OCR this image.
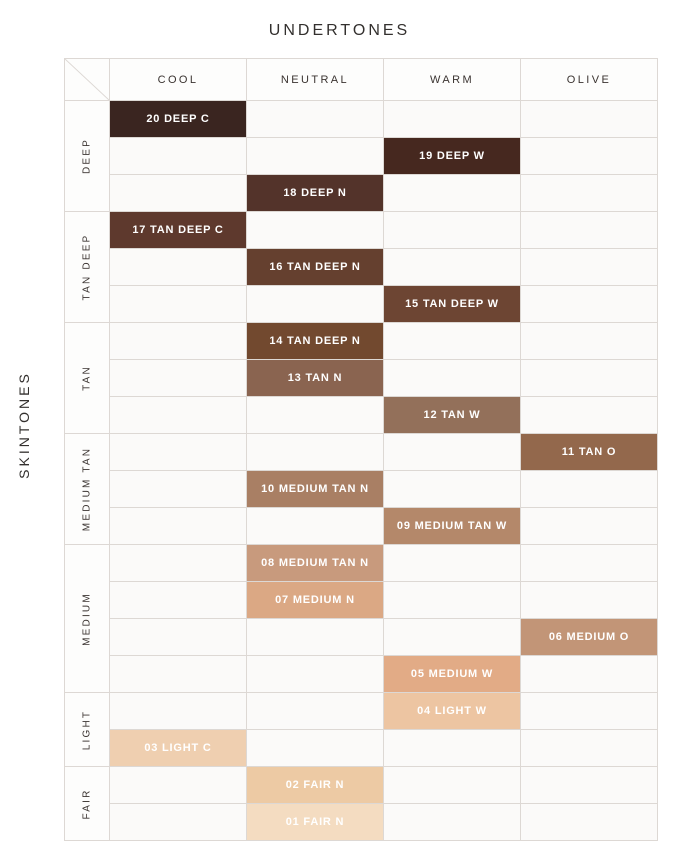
UNDERTONES
SKINTONES
	COOL	NEUTRAL	WARM	OLIVE

DEEP	20 DEEP C			
			19 DEEP W	
		18 DEEP N		

TAN DEEP	17 TAN DEEP C			
		16 TAN DEEP N		
			15 TAN DEEP W	

TAN		14 TAN DEEP N		
		13 TAN N		
			12 TAN W	

MEDIUM TAN				11 TAN O
		10 MEDIUM TAN N		
			09 MEDIUM TAN W	

MEDIUM		08 MEDIUM TAN N		
		07 MEDIUM N		
				06 MEDIUM O
			05 MEDIUM W	

LIGHT			04 LIGHT W	
	03 LIGHT C			

FAIR		02 FAIR N		
		01 FAIR N		
